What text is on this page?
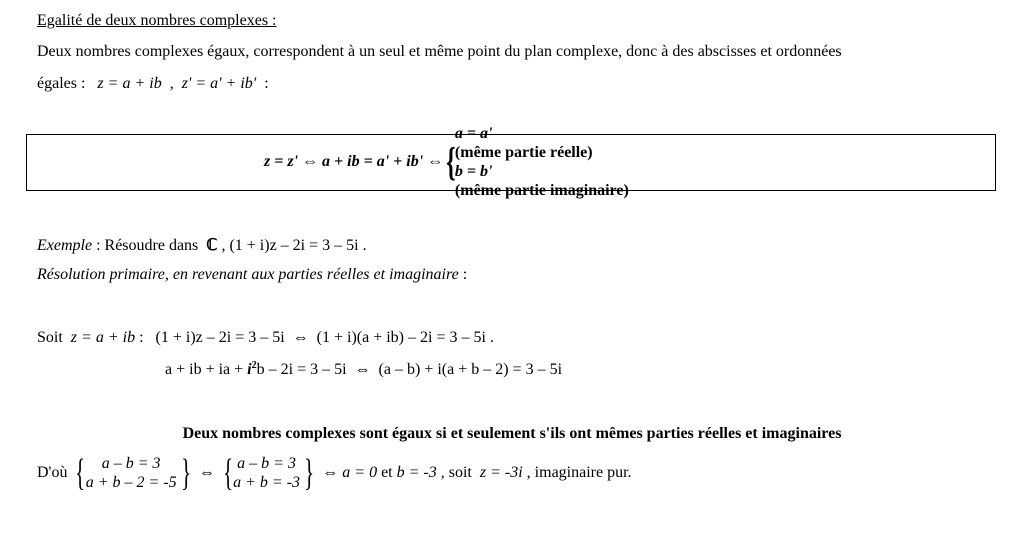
Egalité de deux nombres complexes :
Deux nombres complexes égaux, correspondent à un seul et même point du plan complexe, donc à des abscisses et ordonnées
égales : z = a + ib , z' = a' + ib' :
z = z'
⇔
a + ib = a' + ib'
⇔ {
a = a'
(même partie réelle)
b = b'
(même partie imaginaire)
Exemple : Résoudre dans ℂ , (1 + i)z – 2i = 3 – 5i .
Résolution primaire, en revenant aux parties réelles et imaginaire :
Soit z = a + ib : (1 + i)z – 2i = 3 – 5i ⇔ (1 + i)(a + ib) – 2i = 3 – 5i .
a + ib + ia + $i^2b - 2i = 3 - 5i$ ⇔ (a – b) + i(a + b – 2) = 3 – 5i
Deux nombres complexes sont égaux si et seulement s'ils ont mêmes parties réelles et imaginaires
D'où
{	a – b = 3
a + b – 2 = -5 }
⇔
{ a – b = 3
a + b = -3 }
⇔
a = 0
et
b = -3
, soit
z = -3i
, imaginaire pur.
